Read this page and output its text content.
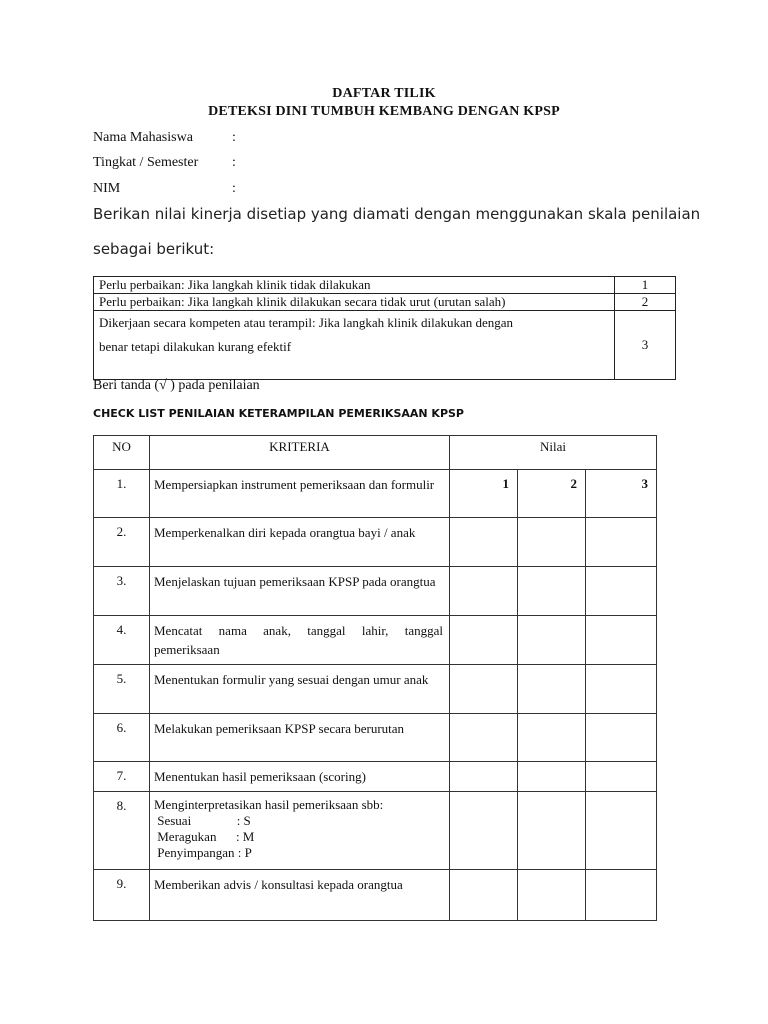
DAFTAR TILIK
DETEKSI DINI TUMBUH KEMBANG DENGAN KPSP
Nama Mahasiswa	:
Tingkat / Semester :
NIM	:
Berikan nilai kinerja disetiap yang diamati dengan menggunakan skala penilaian
sebagai berikut:
Perlu perbaikan: Jika langkah klinik tidak dilakukan	1
Perlu perbaikan: Jika langkah klinik dilakukan secara tidak urut (urutan salah)	2

Dikerjaan secara kompeten atau terampil: Jika langkah klinik dilakukan dengan
benar tetapi dilakukan kurang efektif	3
Beri tanda (√ ) pada penilaian
CHECK LIST PENILAIAN KETERAMPILAN PEMERIKSAAN KPSP
NO	KRITERIA	Nilai		
1.	Mempersiapkan instrument pemeriksaan dan formulir	1	2	3
2.	Memperkenalkan diri kepada orangtua bayi / anak			
3.	Menjelaskan tujuan pemeriksaan KPSP pada orangtua			
4.	Mencatat nama anak, tanggal lahir, tanggal pemeriksaan			
5.	Menentukan formulir yang sesuai dengan umur anak			
6.	Melakukan pemeriksaan KPSP secara berurutan			
7.	Menentukan hasil pemeriksaan (scoring)			
8.	Menginterpretasikan hasil pemeriksaan sbb:
Sesuai              : S
Meragukan      : M
Penyimpangan : P			

9.	Memberikan advis / konsultasi kepada orangtua			
